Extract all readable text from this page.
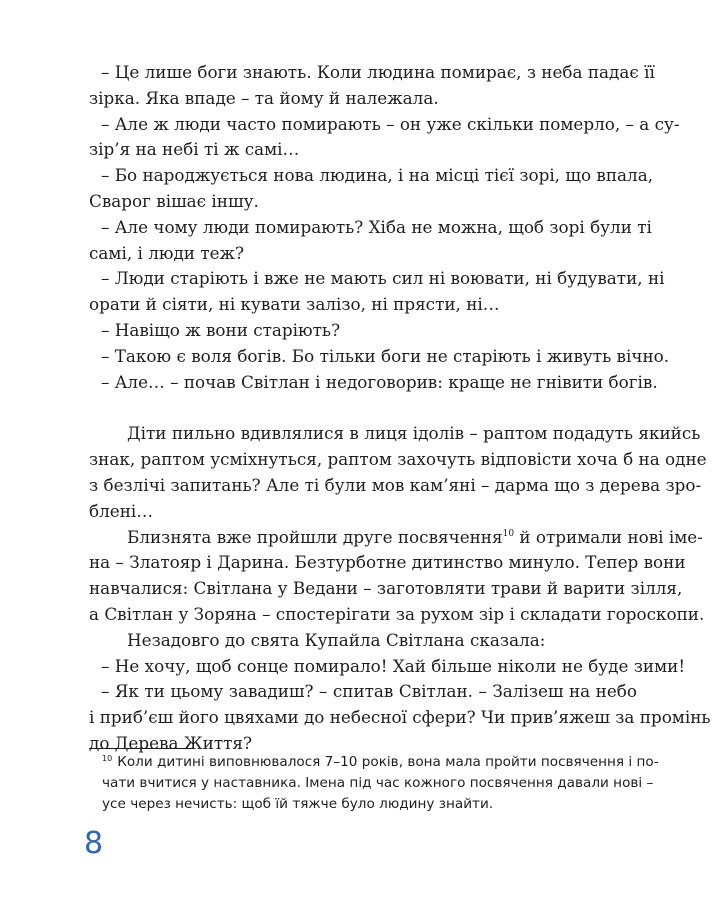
– Це лише боги знають. Коли людина помирає, з неба падає її
зірка. Яка впаде – та йому й належала.
– Але ж люди часто помирають – он уже скільки померло, – а су-
зір’я на небі ті ж самі…
– Бо народжується нова людина, і на місці тієї зорі, що впала,
Сварог вішає іншу.
– Але чому люди помирають? Хіба не можна, щоб зорі були ті
самі, і люди теж?
– Люди старіють і вже не мають сил ні воювати, ні будувати, ні
орати й сіяти, ні кувати залізо, ні прясти, ні…
– Навіщо ж вони старіють?
– Такою є воля богів. Бо тільки боги не старіють і живуть вічно.
– Але… – почав Світлан і недоговорив: краще не гнівити богів.
Діти пильно вдивлялися в лиця ідолів – раптом подадуть якийсь
знак, раптом усміхнуться, раптом захочуть відповісти хоча б на одне
з безлічі запитань? Але ті були мов кам’яні – дарма що з дерева зро-
блені…
Близнята вже пройшли друге посвячення$^{10}$ й отримали нові іме-
на – Златояр і Дарина. Безтурботне дитинство минуло. Тепер вони
навчалися: Світлана у Ведани – заготовляти трави й варити зілля,
а Світлан у Зоряна – спостерігати за рухом зір і складати гороскопи.
Незадовго до свята Купайла Світлана сказала:
– Не хочу, щоб сонце помирало! Хай більше ніколи не буде зими!
– Як ти цьому завадиш? – спитав Світлан. – Залізеш на небо
і приб’єш його цвяхами до небесної сфери? Чи прив’яжеш за промінь
до Дерева Життя?
$^{10}$ Коли дитині виповнювалося 7–10 років, вона мала пройти посвячення і по-
чати вчитися у наставника. Імена під час кожного посвячення давали нові –
усе через нечисть: щоб їй тяжче було людину знайти.
8
